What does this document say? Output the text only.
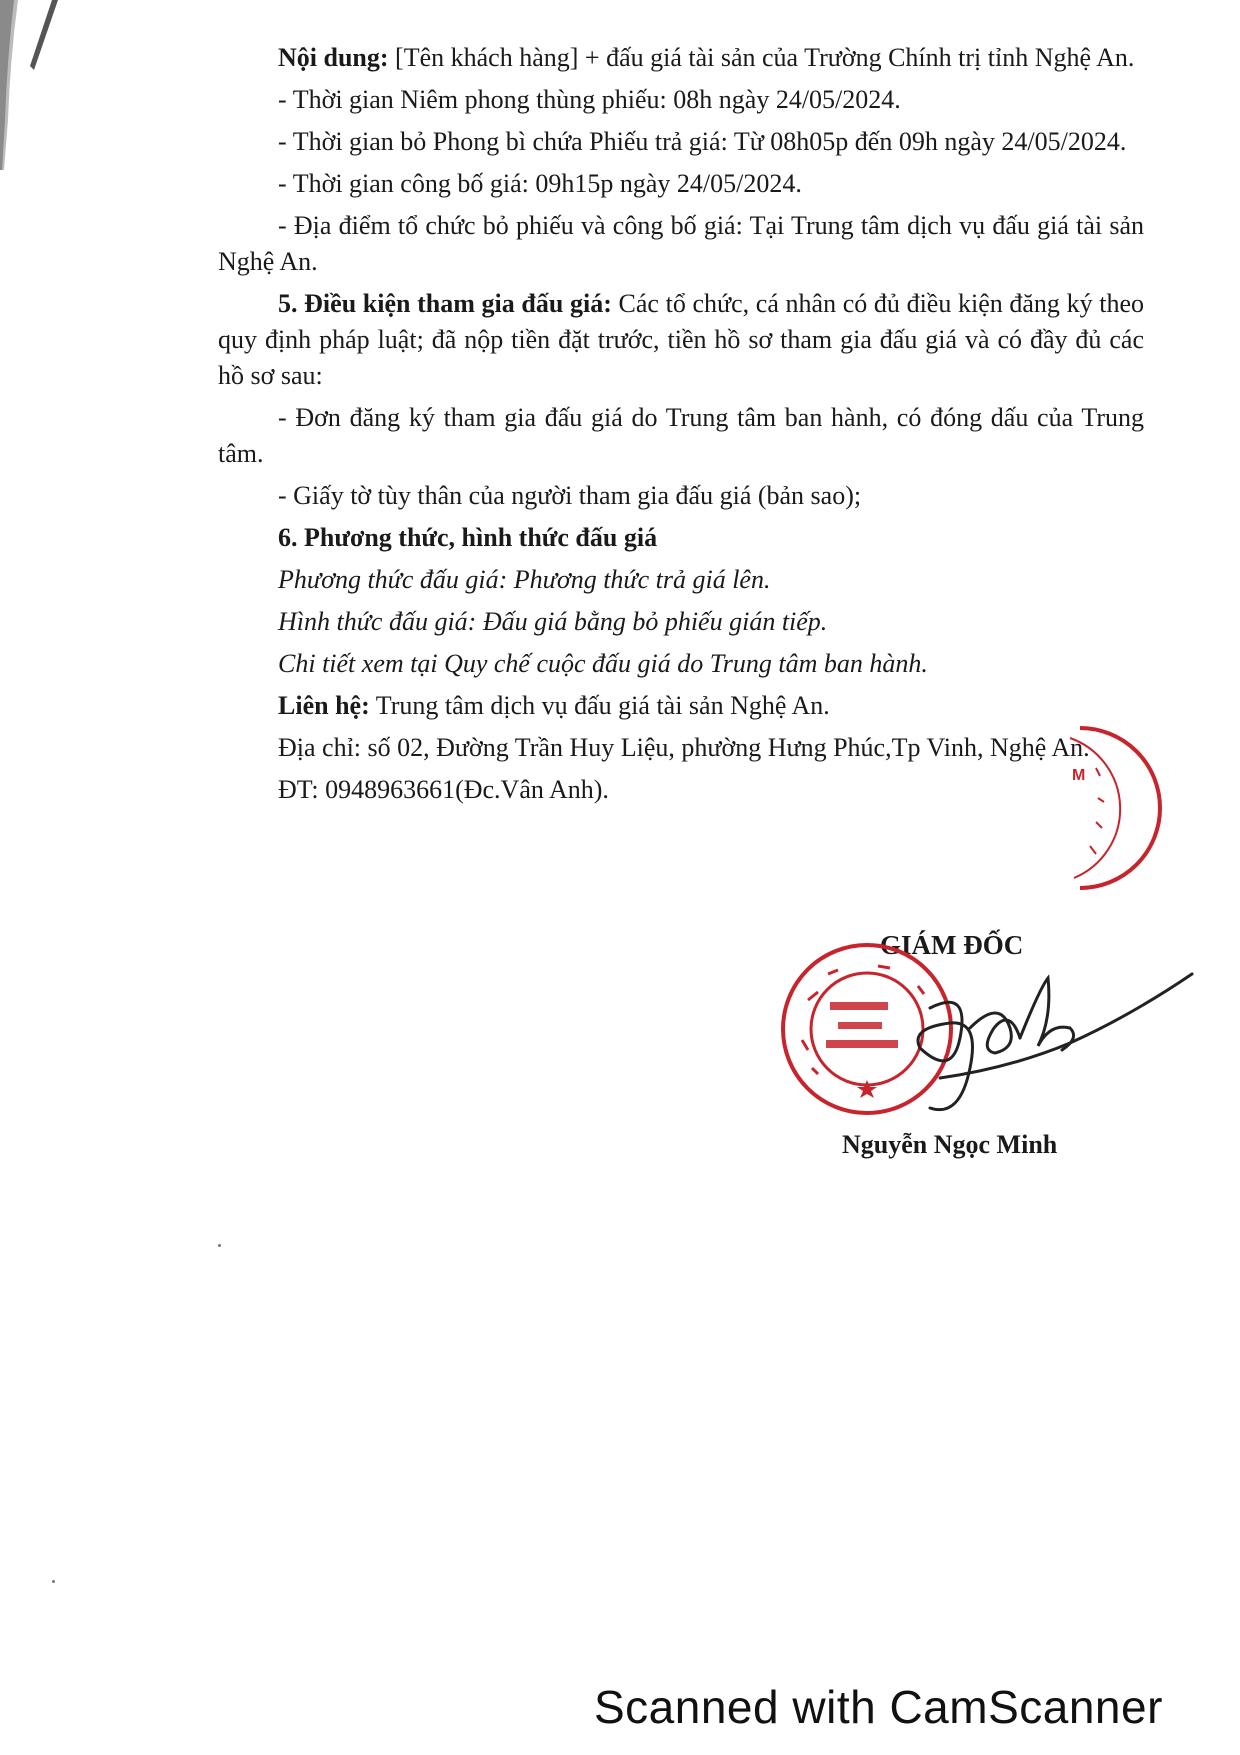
Nội dung: [Tên khách hàng] + đấu giá tài sản của Trường Chính trị tỉnh Nghệ An.

- Thời gian Niêm phong thùng phiếu: 08h ngày 24/05/2024.

- Thời gian bỏ Phong bì chứa Phiếu trả giá: Từ 08h05p đến 09h ngày 24/05/2024.

- Thời gian công bố giá: 09h15p ngày 24/05/2024.

- Địa điểm tổ chức bỏ phiếu và công bố giá: Tại Trung tâm dịch vụ đấu giá tài sản Nghệ An.

5. Điều kiện tham gia đấu giá: Các tổ chức, cá nhân có đủ điều kiện đăng ký theo quy định pháp luật; đã nộp tiền đặt trước, tiền hồ sơ tham gia đấu giá và có đầy đủ các hồ sơ sau:

- Đơn đăng ký tham gia đấu giá do Trung tâm ban hành, có đóng dấu của Trung tâm.

- Giấy tờ tùy thân của người tham gia đấu giá (bản sao);

6. Phương thức, hình thức đấu giá

Phương thức đấu giá: Phương thức trả giá lên.

Hình thức đấu giá: Đấu giá bằng bỏ phiếu gián tiếp.

Chi tiết xem tại Quy chế cuộc đấu giá do Trung tâm ban hành.

Liên hệ: Trung tâm dịch vụ đấu giá tài sản Nghệ An.

Địa chỉ: số 02, Đường Trần Huy Liệu, phường Hưng Phúc,Tp Vinh, Nghệ An.

ĐT: 0948963661(Đc.Vân Anh).	M
GIÁM ĐỐC
Nguyễn Ngọc Minh
Scanned with CamScanner
